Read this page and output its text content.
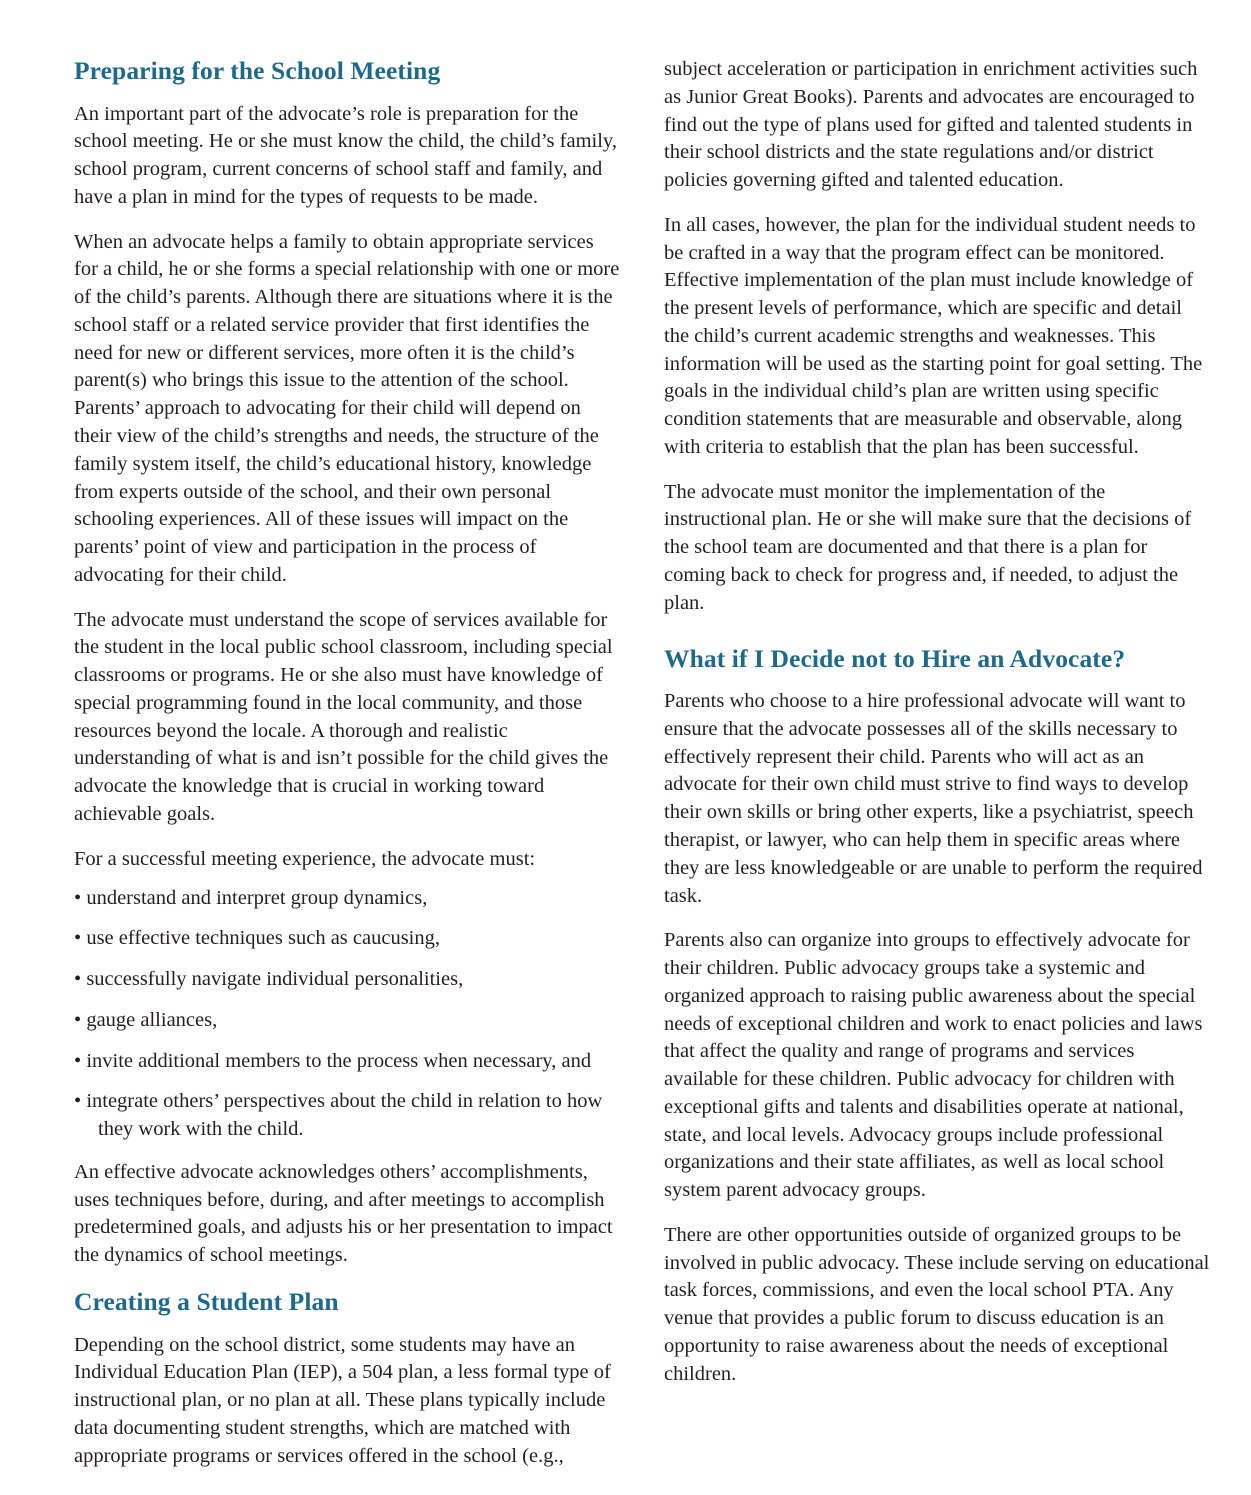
Preparing for the School Meeting

An important part of the advocate’s role is preparation for the school meeting. He or she must know the child, the child’s family, school program, current concerns of school staff and family, and have a plan in mind for the types of requests to be made.

When an advocate helps a family to obtain appropriate services for a child, he or she forms a special relationship with one or more of the child’s parents. Although there are situations where it is the school staff or a related service provider that first identifies the need for new or different services, more often it is the child’s parent(s) who brings this issue to the attention of the school. Parents’ approach to advocating for their child will depend on their view of the child’s strengths and needs, the structure of the family system itself, the child’s educational history, knowledge from experts outside of the school, and their own personal schooling experiences. All of these issues will impact on the parents’ point of view and participation in the process of advocating for their child.

The advocate must understand the scope of services available for the student in the local public school classroom, including special classrooms or programs. He or she also must have knowledge of special programming found in the local community, and those resources beyond the locale. A thorough and realistic understanding of what is and isn’t possible for the child gives the advocate the knowledge that is crucial in working toward achievable goals.

For a successful meeting experience, the advocate must:

• understand and interpret group dynamics,
• use effective techniques such as caucusing,
• successfully navigate individual personalities,
• gauge alliances,
• invite additional members to the process when necessary, and
• integrate others’ perspectives about the child in relation to how they work with the child.

An effective advocate acknowledges others’ accomplishments, uses techniques before, during, and after meetings to accomplish predetermined goals, and adjusts his or her presentation to impact the dynamics of school meetings.

Creating a Student Plan

Depending on the school district, some students may have an Individual Education Plan (IEP), a 504 plan, a less formal type of instructional plan, or no plan at all. These plans typically include data documenting student strengths, which are matched with appropriate programs or services offered in the school (e.g.,

subject acceleration or participation in enrichment activities such as Junior Great Books). Parents and advocates are encouraged to find out the type of plans used for gifted and talented students in their school districts and the state regulations and/or district policies governing gifted and talented education.

In all cases, however, the plan for the individual student needs to be crafted in a way that the program effect can be monitored. Effective implementation of the plan must include knowledge of the present levels of performance, which are specific and detail the child’s current academic strengths and weaknesses. This information will be used as the starting point for goal setting. The goals in the individual child’s plan are written using specific condition statements that are measurable and observable, along with criteria to establish that the plan has been successful.

The advocate must monitor the implementation of the instructional plan. He or she will make sure that the decisions of the school team are documented and that there is a plan for coming back to check for progress and, if needed, to adjust the plan.

What if I Decide not to Hire an Advocate?

Parents who choose to a hire professional advocate will want to ensure that the advocate possesses all of the skills necessary to effectively represent their child. Parents who will act as an advocate for their own child must strive to find ways to develop their own skills or bring other experts, like a psychiatrist, speech therapist, or lawyer, who can help them in specific areas where they are less knowledgeable or are unable to perform the required task.

Parents also can organize into groups to effectively advocate for their children. Public advocacy groups take a systemic and organized approach to raising public awareness about the special needs of exceptional children and work to enact policies and laws that affect the quality and range of programs and services available for these children. Public advocacy for children with exceptional gifts and talents and disabilities operate at national, state, and local levels. Advocacy groups include professional organizations and their state affiliates, as well as local school system parent advocacy groups.

There are other opportunities outside of organized groups to be involved in public advocacy. These include serving on educational task forces, commissions, and even the local school PTA. Any venue that provides a public forum to discuss education is an opportunity to raise awareness about the needs of exceptional children.
